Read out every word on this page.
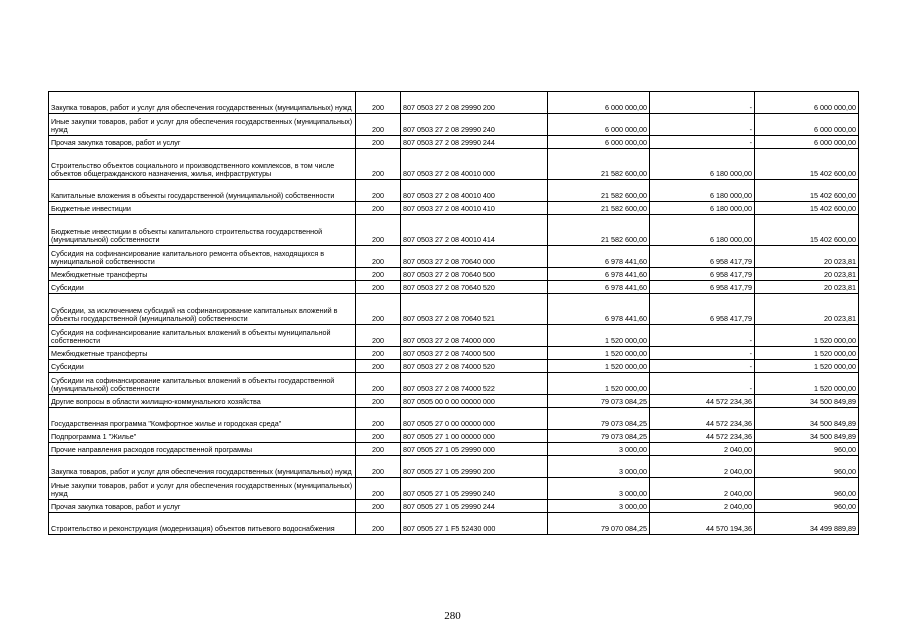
Закупка товаров, работ и услуг для обеспечения государственных (муниципальных) нужд	200	807 0503 27 2 08 29990 200	6 000 000,00	-	6 000 000,00
Иные закупки товаров, работ и услуг для обеспечения государственных (муниципальных) нужд	200	807 0503 27 2 08 29990 240	6 000 000,00	-	6 000 000,00
Прочая закупка товаров, работ и услуг	200	807 0503 27 2 08 29990 244	6 000 000,00	-	6 000 000,00
Строительство объектов социального и производственного комплексов, в том числе объектов общегражданского назначения, жилья, инфраструктуры	200	807 0503 27 2 08 40010 000	21 582 600,00	6 180 000,00	15 402 600,00
Капитальные вложения в объекты государственной (муниципальной) собственности	200	807 0503 27 2 08 40010 400	21 582 600,00	6 180 000,00	15 402 600,00
Бюджетные инвестиции	200	807 0503 27 2 08 40010 410	21 582 600,00	6 180 000,00	15 402 600,00
Бюджетные инвестиции в объекты капитального строительства государственной (муниципальной) собственности	200	807 0503 27 2 08 40010 414	21 582 600,00	6 180 000,00	15 402 600,00
Субсидия на софинансирование капитального ремонта объектов, находящихся в муниципальной собственности	200	807 0503 27 2 08 70640 000	6 978 441,60	6 958 417,79	20 023,81
Межбюджетные трансферты	200	807 0503 27 2 08 70640 500	6 978 441,60	6 958 417,79	20 023,81
Субсидии	200	807 0503 27 2 08 70640 520	6 978 441,60	6 958 417,79	20 023,81
Субсидии, за исключением субсидий на софинансирование капитальных вложений в объекты государственной (муниципальной) собственности	200	807 0503 27 2 08 70640 521	6 978 441,60	6 958 417,79	20 023,81
Субсидия на софинансирование капитальных вложений в объекты муниципальной собственности	200	807 0503 27 2 08 74000 000	1 520 000,00	-	1 520 000,00
Межбюджетные трансферты	200	807 0503 27 2 08 74000 500	1 520 000,00	-	1 520 000,00
Субсидии	200	807 0503 27 2 08 74000 520	1 520 000,00	-	1 520 000,00
Субсидии на софинансирование капитальных вложений в объекты государственной (муниципальной) собственности	200	807 0503 27 2 08 74000 522	1 520 000,00	-	1 520 000,00
Другие вопросы в области жилищно-коммунального хозяйства	200	807 0505 00 0 00 00000 000	79 073 084,25	44 572 234,36	34 500 849,89
Государственная программа "Комфортное жилье и городская среда"	200	807 0505 27 0 00 00000 000	79 073 084,25	44 572 234,36	34 500 849,89
Подпрограмма 1 "Жилье"	200	807 0505 27 1 00 00000 000	79 073 084,25	44 572 234,36	34 500 849,89
Прочие направления расходов государственной программы	200	807 0505 27 1 05 29990 000	3 000,00	2 040,00	960,00
Закупка товаров, работ и услуг для обеспечения государственных (муниципальных) нужд	200	807 0505 27 1 05 29990 200	3 000,00	2 040,00	960,00
Иные закупки товаров, работ и услуг для обеспечения государственных (муниципальных) нужд	200	807 0505 27 1 05 29990 240	3 000,00	2 040,00	960,00
Прочая закупка товаров, работ и услуг	200	807 0505 27 1 05 29990 244	3 000,00	2 040,00	960,00
Строительство и реконструкция (модернизация) объектов питьевого водоснабжения	200	807 0505 27 1 F5 52430 000	79 070 084,25	44 570 194,36	34 499 889,89
280
